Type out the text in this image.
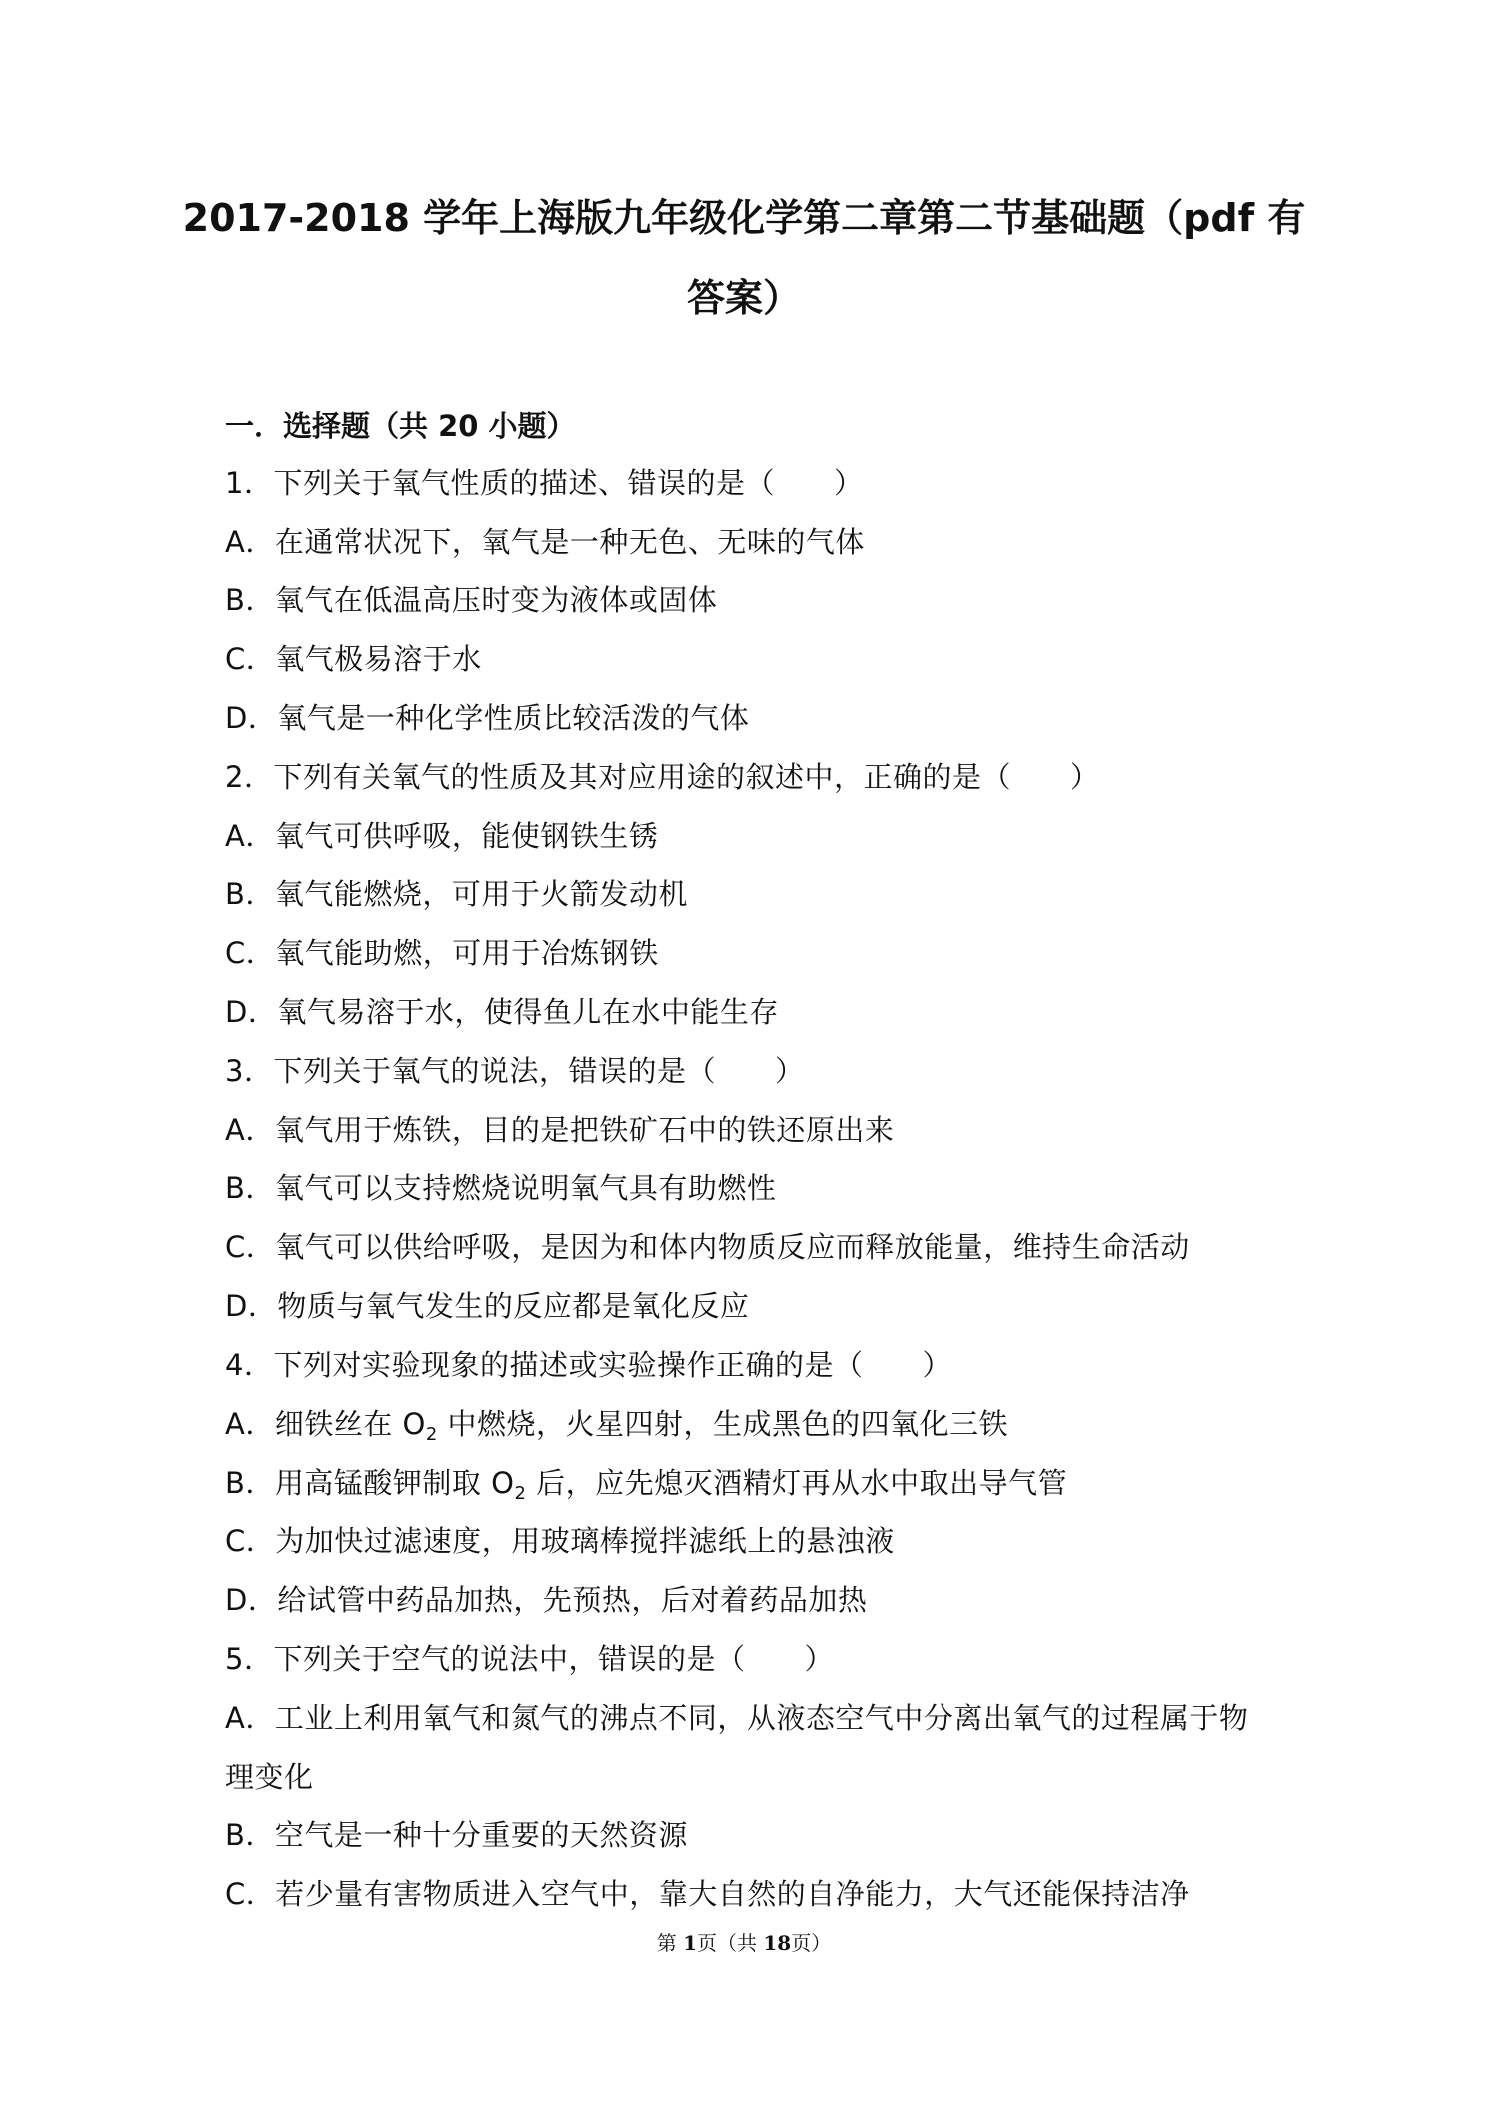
2017-2018 学年上海版九年级化学第二章第二节基础题（pdf 有
答案）
一．选择题（共 20 小题）
1．下列关于氧气性质的描述、错误的是（　　）
A．在通常状况下，氧气是一种无色、无味的气体
B．氧气在低温高压时变为液体或固体
C．氧气极易溶于水
D．氧气是一种化学性质比较活泼的气体
2．下列有关氧气的性质及其对应用途的叙述中，正确的是（　　）
A．氧气可供呼吸，能使钢铁生锈
B．氧气能燃烧，可用于火箭发动机
C．氧气能助燃，可用于冶炼钢铁
D．氧气易溶于水，使得鱼儿在水中能生存
3．下列关于氧气的说法，错误的是（　　）
A．氧气用于炼铁，目的是把铁矿石中的铁还原出来
B．氧气可以支持燃烧说明氧气具有助燃性
C．氧气可以供给呼吸，是因为和体内物质反应而释放能量，维持生命活动
D．物质与氧气发生的反应都是氧化反应
4．下列对实验现象的描述或实验操作正确的是（　　）
A．细铁丝在 $O_2$ 中燃烧，火星四射，生成黑色的四氧化三铁
B．用高锰酸钾制取 $O_2$ 后，应先熄灭酒精灯再从水中取出导气管
C．为加快过滤速度，用玻璃棒搅拌滤纸上的悬浊液
D．给试管中药品加热，先预热，后对着药品加热
5．下列关于空气的说法中，错误的是（　　）
A．工业上利用氧气和氮气的沸点不同，从液态空气中分离出氧气的过程属于物
理变化
B．空气是一种十分重要的天然资源
C．若少量有害物质进入空气中，靠大自然的自净能力，大气还能保持洁净
第 1页（共 18页）
